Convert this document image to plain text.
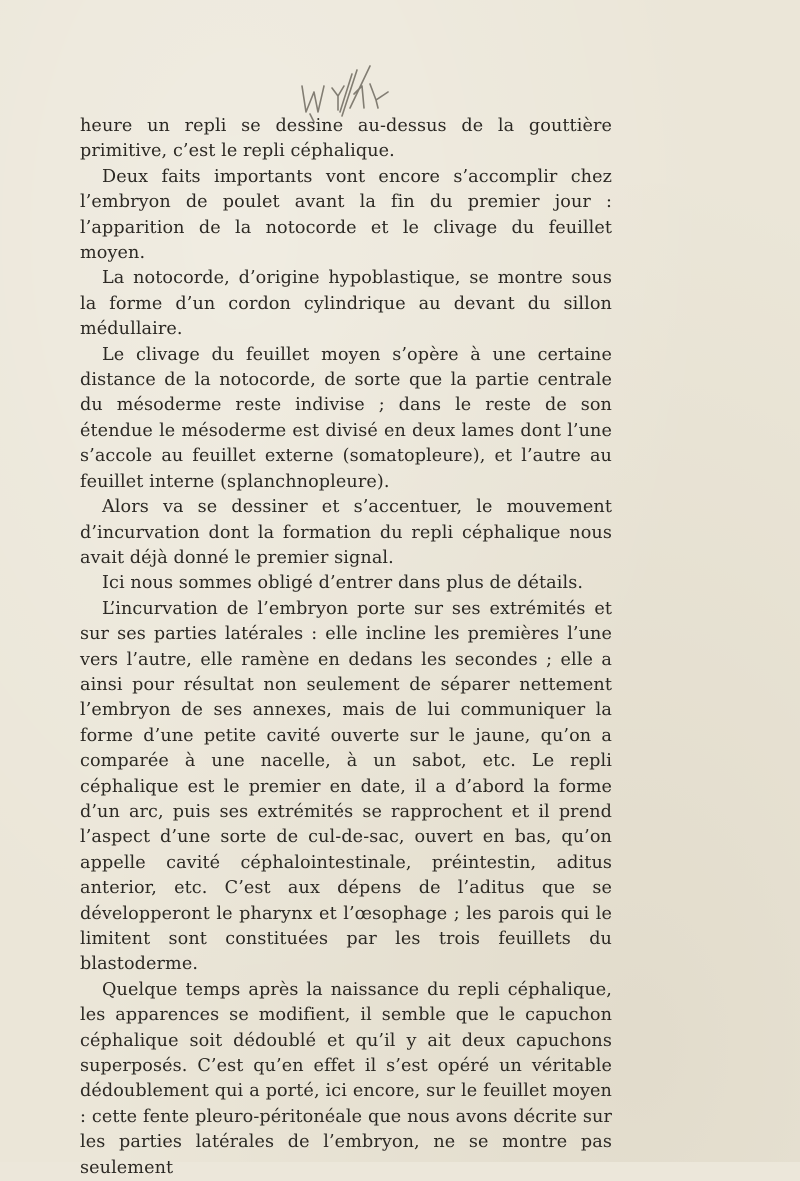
heure un repli se dessine au-dessus de la gouttière primitive, c’est le repli céphalique.

Deux faits importants vont encore s’accomplir chez l’embryon de poulet avant la fin du premier jour : l’apparition de la notocorde et le clivage du feuillet moyen.

La notocorde, d’origine hypoblastique, se montre sous la forme d’un cordon cylindrique au devant du sillon médullaire.

Le clivage du feuillet moyen s’opère à une certaine distance de la notocorde, de sorte que la partie centrale du mésoderme reste indivise ; dans le reste de son étendue le mésoderme est divisé en deux lames dont l’une s’accole au feuillet externe (somatopleure), et l’autre au feuillet interne (splanchnopleure).

Alors va se dessiner et s’accentuer, le mouvement d’incurvation dont la formation du repli céphalique nous avait déjà donné le premier signal.

Ici nous sommes obligé d’entrer dans plus de détails.

L’incurvation de l’embryon porte sur ses extrémités et sur ses parties latérales : elle incline les premières l’une vers l’autre, elle ramène en dedans les secondes ; elle a ainsi pour résultat non seulement de séparer nettement l’embryon de ses annexes, mais de lui communiquer la forme d’une petite cavité ouverte sur le jaune, qu’on a comparée à une nacelle, à un sabot, etc. Le repli céphalique est le premier en date, il a d’abord la forme d’un arc, puis ses extrémités se rapprochent et il prend l’aspect d’une sorte de cul-de-sac, ouvert en bas, qu’on appelle cavité céphalointestinale, préintestin, aditus anterior, etc. C’est aux dépens de l’aditus que se développeront le pharynx et l’œsophage ; les parois qui le limitent sont constituées par les trois feuillets du blastoderme.

Quelque temps après la naissance du repli céphalique, les apparences se modifient, il semble que le capuchon céphalique soit dédoublé et qu’il y ait deux capuchons superposés. C’est qu’en effet il s’est opéré un véritable dédoublement qui a porté, ici encore, sur le feuillet moyen : cette fente pleuro-péritonéale que nous avons décrite sur les parties latérales de l’embryon, ne se montre pas seulement
